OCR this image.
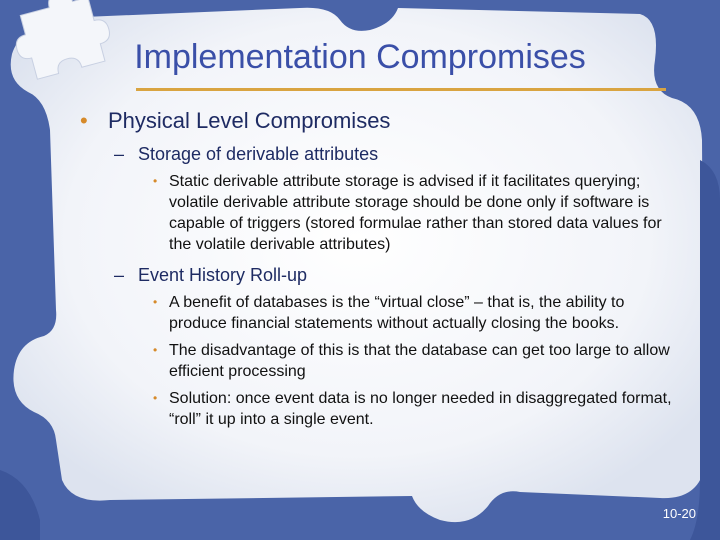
Implementation Compromises
• Physical Level Compromises
– Storage of derivable attributes
• Static derivable attribute storage is advised if it facilitates querying; volatile derivable attribute storage should be done only if software is capable of triggers (stored formulae rather than stored data values for the volatile derivable attributes)
– Event History Roll-up
• A benefit of databases is the “virtual close” – that is, the ability to produce financial statements without actually closing the books.
• The disadvantage of this is that the database can get too large to allow efficient processing
• Solution: once event data is no longer needed in disaggregated format, “roll” it up into a single event.
10-20
